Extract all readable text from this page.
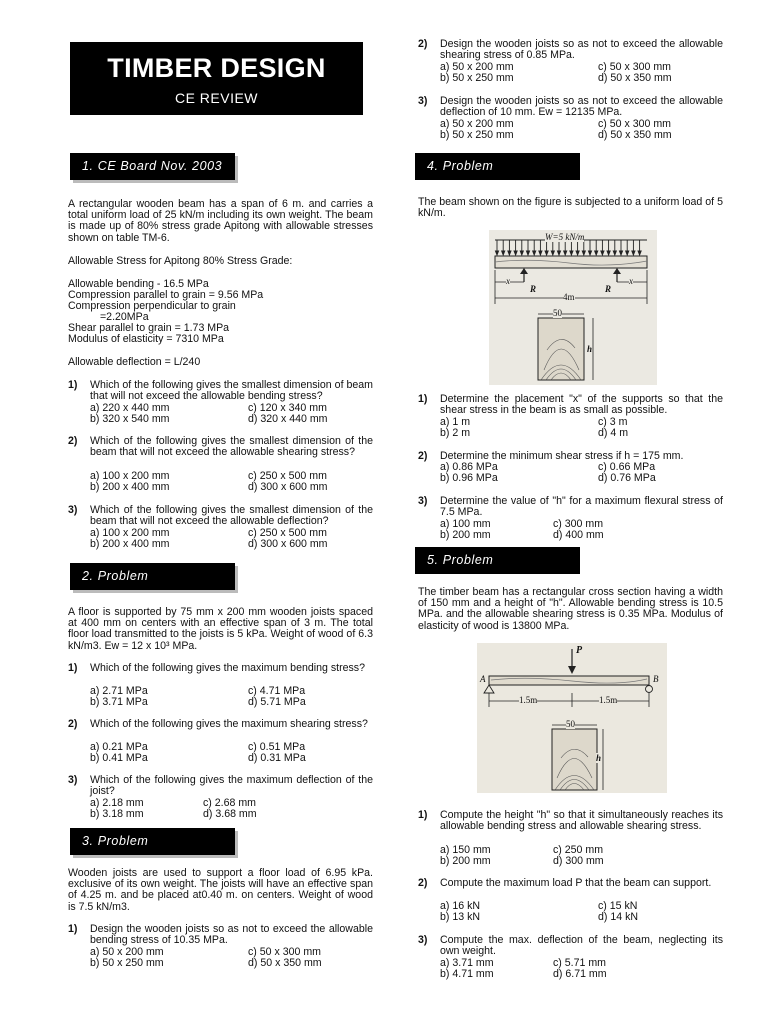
TIMBER DESIGN
CE REVIEW
1. CE Board Nov. 2003
A rectangular wooden beam has a span of 6 m. and carries a total uniform load of 25 kN/m including its own weight. The beam is made up of 80% stress grade Apitong with allowable stresses shown on table TM-6.
Allowable Stress for Apitong 80% Stress Grade:
Allowable bending - 16.5 MPa
Compression parallel to grain = 9.56 MPa
Compression perpendicular to grain
=2.20MPa
Shear parallel to grain = 1.73 MPa
Modulus of elasticity = 7310 MPa
Allowable deflection = L/240
1) Which of the following gives the smallest dimension of beam that will not exceed the allowable bending stress?
a) 220 x 440 mm
b) 320 x 540 mm
c) 120 x 340 mm
d) 320 x 440 mm
2) Which of the following gives the smallest dimension of the beam that will not exceed the allowable shearing stress?
a) 100 x 200 mm
b) 200 x 400 mm
c) 250 x 500 mm
d) 300 x 600 mm
3) Which of the following gives the smallest dimension of the beam that will not exceed the allowable deflection?
a) 100 x 200 mm
b) 200 x 400 mm
c) 250 x 500 mm
d) 300 x 600 mm
2. Problem
A floor is supported by 75 mm x 200 mm wooden joists spaced at 400 mm on centers with an effective span of 3 m. The total floor load transmitted to the joists is 5 kPa. Weight of wood of 6.3 kN/m3. Ew = 12 x 10³ MPa.
1) Which of the following gives the maximum bending stress?
a) 2.71 MPa
b) 3.71 MPa
c) 4.71 MPa
d) 5.71 MPa
2) Which of the following gives the maximum shearing stress?
a) 0.21 MPa
b) 0.41 MPa
c) 0.51 MPa
d) 0.31 MPa
3) Which of the following gives the maximum deflection of the joist?
a) 2.18 mm
b) 3.18 mm
c) 2.68 mm
d) 3.68 mm
3. Problem
Wooden joists are used to support a floor load of 6.95 kPa. exclusive of its own weight. The joists will have an effective span of 4.25 m. and be placed at0.40 m. on centers. Weight of wood is 7.5 kN/m3.
1) Design the wooden joists so as not to exceed the allowable bending stress of 10.35 MPa.
a) 50 x 200 mm
b) 50 x 250 mm
c) 50 x 300 mm
d) 50 x 350 mm
2) Design the wooden joists so as not to exceed the allowable shearing stress of 0.85 MPa.
a) 50 x 200 mm
b) 50 x 250 mm
c) 50 x 300 mm
d) 50 x 350 mm
3) Design the wooden joists so as not to exceed the allowable deflection of 10 mm. Ew = 12135 MPa.
a) 50 x 200 mm
b) 50 x 250 mm
c) 50 x 300 mm
d) 50 x 350 mm
4. Problem
The beam shown on the figure is subjected to a uniform load of 5 kN/m.
W=5 kN/m
x	x
R	R
4m
50
h
1) Determine the placement "x" of the supports so that the shear stress in the beam is as small as possible.
a) 1 m
b) 2 m
c) 3 m
d) 4 m
2) Determine the minimum shear stress if h = 175 mm.
a) 0.86 MPa
b) 0.96 MPa
c) 0.66 MPa
d) 0.76 MPa
3) Determine the value of "h" for a maximum flexural stress of 7.5 MPa.
a) 100 mm
b) 200 mm
c) 300 mm
d) 400 mm
5. Problem
The timber beam has a rectangular cross section having a width of 150 mm and a height of "h". Allowable bending stress is 10.5 MPa. and the allowable shearing stress is 0.35 MPa. Modulus of elasticity of wood is 13800 MPa.
P
A	B
1.5m	1.5m
50
h
1) Compute the height "h" so that it simultaneously reaches its allowable bending stress and allowable shearing stress.
a) 150 mm
b) 200 mm
c) 250 mm
d) 300 mm
2) Compute the maximum load P that the beam can support.
a) 16 kN
b) 13 kN
c) 15 kN
d) 14 kN
3) Compute the max. deflection of the beam, neglecting its own weight.
a) 3.71 mm
b) 4.71 mm
c) 5.71 mm
d) 6.71 mm
